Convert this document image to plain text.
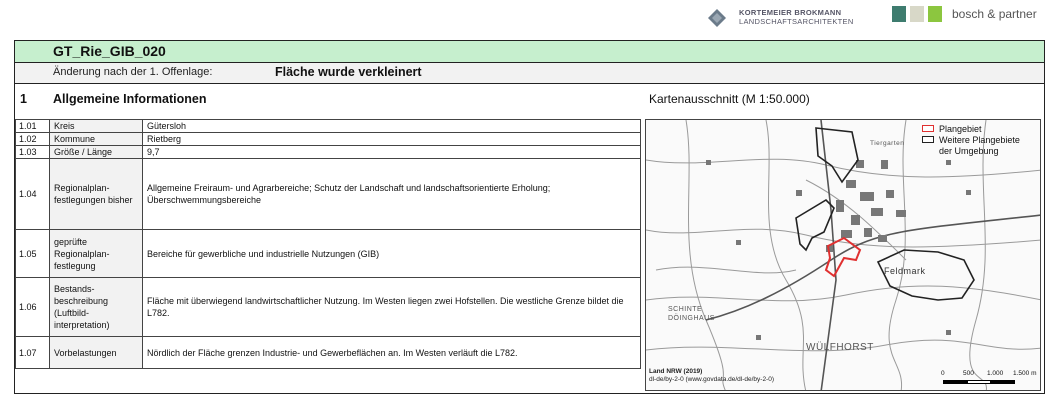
KORTEMEIER BROKMANN
LANDSCHAFTSARCHITEKTEN
bosch & partner
GT_Rie_GIB_020
Änderung nach der 1. Offenlage:	Fläche wurde verkleinert
1 Allgemeine Informationen	Kartenausschnitt (M 1:50.000)
1.01	Kreis	Gütersloh
1.02	Kommune	Rietberg
1.03	Größe / Länge	9,7
1.04	Regionalplan-festlegungen bisher	Allgemeine Freiraum- und Agrarbereiche; Schutz der Landschaft und landschaftsorientierte Erholung; Überschwemmungsbereiche
1.05	geprüfte Regionalplan-festlegung	Bereiche für gewerbliche und industrielle Nutzungen (GIB)
1.06	Bestands-beschreibung (Luftbild-interpretation)	Fläche mit überwiegend landwirtschaftlicher Nutzung. Im Westen liegen zwei Hofstellen. Die westliche Grenze bildet die L782.
1.07	Vorbelastungen	Nördlich der Fläche grenzen Industrie- und Gewerbeflächen an. Im Westen verläuft die L782.
Feldmark
WÜLFHORST
SCHINTE
DÖINGHAUS
Tiergarten
Plangebiet
Weitere Plangebiete
der Umgebung
Land NRW (2019)
dl-de/by-2-0 (www.govdata.de/dl-de/by-2-0)
0	500 1.000 1.500 m
